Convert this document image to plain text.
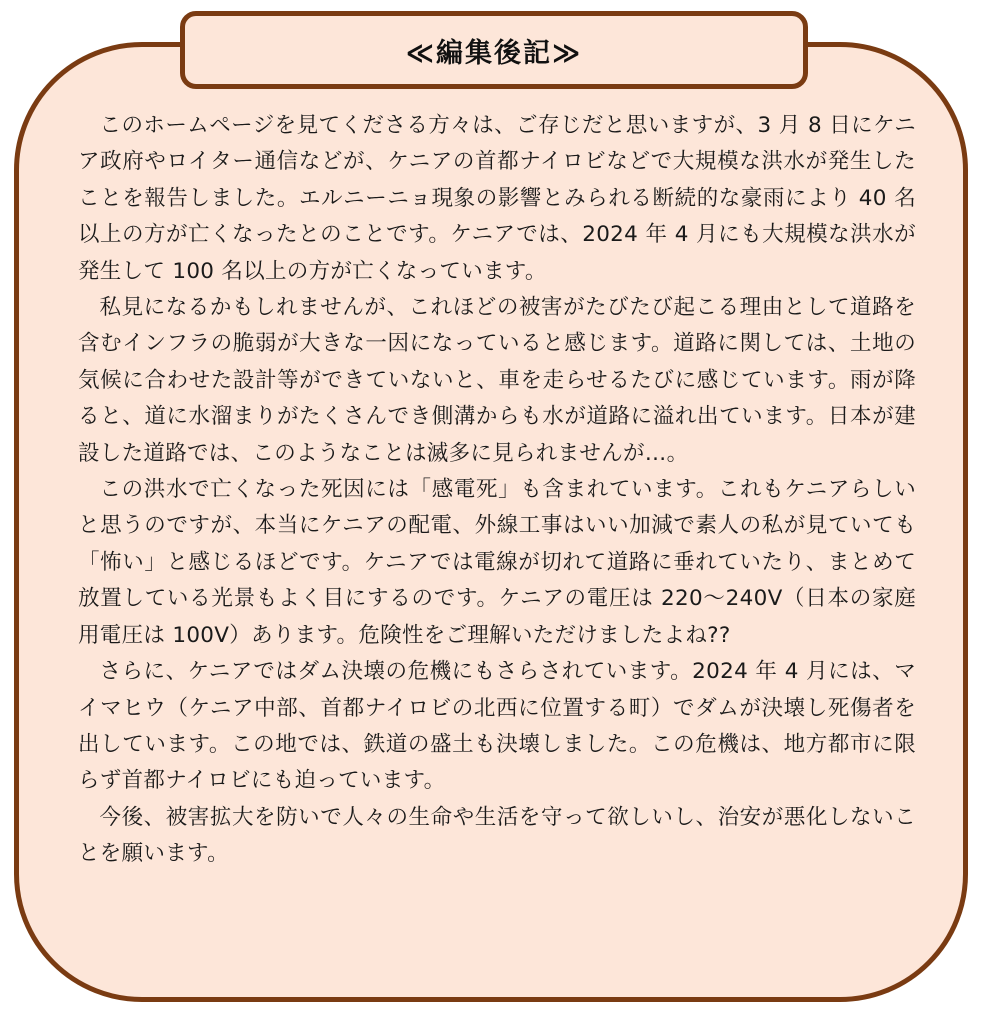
≪編集後記≫

このホームページを見てくださる方々は、ご存じだと思いますが、3 月 8 日にケニア政府やロイター通信などが、ケニアの首都ナイロビなどで大規模な洪水が発生したことを報告しました。エルニーニョ現象の影響とみられる断続的な豪雨により 40 名以上の方が亡くなったとのことです。ケニアでは、2024 年 4 月にも大規模な洪水が発生して 100 名以上の方が亡くなっています。

私見になるかもしれませんが、これほどの被害がたびたび起こる理由として道路を含むインフラの脆弱が大きな一因になっていると感じます。道路に関しては、土地の気候に合わせた設計等ができていないと、車を走らせるたびに感じています。雨が降ると、道に水溜まりがたくさんでき側溝からも水が道路に溢れ出ています。日本が建設した道路では、このようなことは滅多に見られませんが…。

この洪水で亡くなった死因には「感電死」も含まれています。これもケニアらしいと思うのですが、本当にケニアの配電、外線工事はいい加減で素人の私が見ていても「怖い」と感じるほどです。ケニアでは電線が切れて道路に垂れていたり、まとめて放置している光景もよく目にするのです。ケニアの電圧は 220～240V（日本の家庭用電圧は 100V）あります。危険性をご理解いただけましたよね??

さらに、ケニアではダム決壊の危機にもさらされています。2024 年 4 月には、マイマヒウ（ケニア中部、首都ナイロビの北西に位置する町）でダムが決壊し死傷者を出しています。この地では、鉄道の盛土も決壊しました。この危機は、地方都市に限らず首都ナイロビにも迫っています。

今後、被害拡大を防いで人々の生命や生活を守って欲しいし、治安が悪化しないことを願います。
